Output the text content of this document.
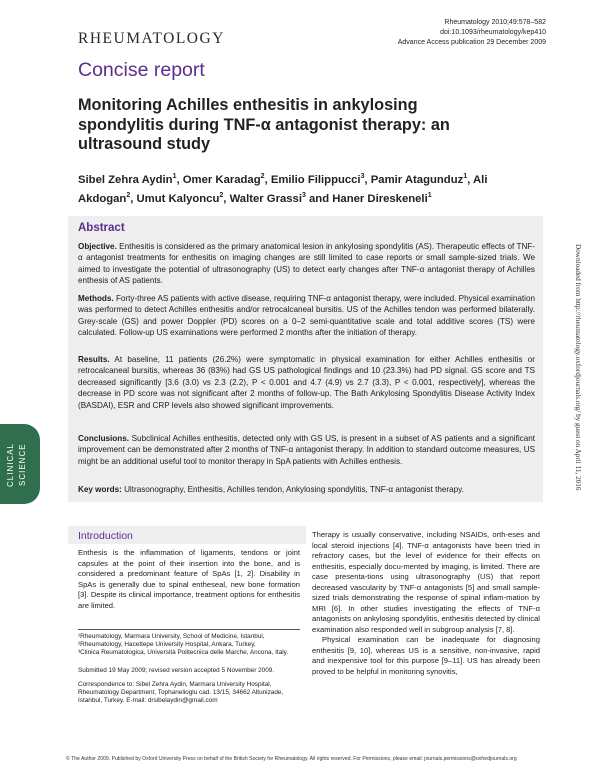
RHEUMATOLOGY
Rheumatology 2010;49:578–582
doi:10.1093/rheumatology/kep410
Advance Access publication 29 December 2009
Concise report
Monitoring Achilles enthesitis in ankylosing spondylitis during TNF-α antagonist therapy: an ultrasound study
Sibel Zehra Aydin$^1$, Omer Karadag$^2$, Emilio Filippucci$^3$, Pamir Atagunduz$^1$, Ali Akdogan$^2$, Umut Kalyoncu$^2$, Walter Grassi$^3$ and Haner Direskeneli$^1$
Abstract
Objective. Enthesitis is considered as the primary anatomical lesion in ankylosing spondylitis (AS). Therapeutic effects of TNF-α antagonist treatments for enthesitis on imaging changes are still limited to case reports or small sample-sized trials. We aimed to investigate the potential of ultrasonography (US) to detect early changes after TNF-α antagonist therapy of Achilles enthesis of AS patients.
Methods. Forty-three AS patients with active disease, requiring TNF-α antagonist therapy, were included. Physical examination was performed to detect Achilles enthesitis and/or retrocalcaneal bursitis. US of the Achilles tendon was performed bilaterally. Grey-scale (GS) and power Doppler (PD) scores on a 0–2 semi-quantitative scale and total additive scores (TS) were calculated. Follow-up US examinations were performed 2 months after the initiation of therapy.
Results. At baseline, 11 patients (26.2%) were symptomatic in physical examination for either Achilles enthesitis or retrocalcaneal bursitis, whereas 36 (83%) had GS US pathological findings and 10 (23.3%) had PD signal. GS score and TS decreased significantly [3.6 (3.0) vs 2.3 (2.2), P < 0.001 and 4.7 (4.9) vs 2.7 (3.3), P < 0.001, respectively], whereas the decrease in PD score was not significant after 2 months of follow-up. The Bath Ankylosing Spondylitis Disease Activity Index (BASDAI), ESR and CRP levels also showed significant improvements.
Conclusions. Subclinical Achilles enthesitis, detected only with GS US, is present in a subset of AS patients and a significant improvement can be demonstrated after 2 months of TNF-α antagonist therapy. In addition to standard outcome measures, US might be an additional useful tool to monitor therapy in SpA patients with Achilles enthesis.
Key words: Ultrasonography, Enthesitis, Achilles tendon, Ankylosing spondylitis, TNF-α antagonist therapy.
CLINICAL SCIENCE	Downloaded from http://rheumatology.oxfordjournals.org/ by guest on April 11, 2016
Introduction
Enthesis is the inflammation of ligaments, tendons or joint capsules at the point of their insertion into the bone, and is considered a predominant feature of SpAs [1, 2]. Disability in SpAs is generally due to spinal entheseal, new bone formation [3]. Despite its clinical importance, treatment options for enthesitis are limited.
¹Rheumatology, Marmara University, School of Medicine, Istanbul,
²Rheumatology, Hacettepe University Hospital, Ankara, Turkey,
³Clinica Reumatologica, Università Politecnica delle Marche, Ancona, Italy.
Submitted 19 May 2009; revised version accepted 5 November 2009.
Correspondence to: Sibel Zehra Aydin, Marmara University Hospital, Rheumatology Department, Tophanelioglu cad. 13/15, 34662 Altunizade, Istanbul, Turkey. E-mail: drsibelaydin@gmail.com

Therapy is usually conservative, including NSAIDs, orth-eses and local steroid injections [4]. TNF-α antagonists have been tried in refractory cases, but the level of evidence for their effects on enthesitis, especially docu-mented by imaging, is limited. There are case presenta-tions using ultrasonography (US) that report decreased vascularity by TNF-α antagonists [5] and small sample-sized trials demonstrating the response of spinal inflam-mation by MRI [6]. In other studies investigating the effects of TNF-α antagonists on ankylosing spondylitis, enthesitis detected by clinical examination also responded well in subgroup analysis [7, 8].

Physical examination can be inadequate for diagnosing enthesitis [9, 10], whereas US is a sensitive, non-invasive, rapid and inexpensive tool for this purpose [9–11]. US has already been proved to be helpful in monitoring synovitis,

© The Author 2009. Published by Oxford University Press on behalf of the British Society for Rheumatology. All rights reserved. For Permissions, please email: journals.permissions@oxfordjournals.org
